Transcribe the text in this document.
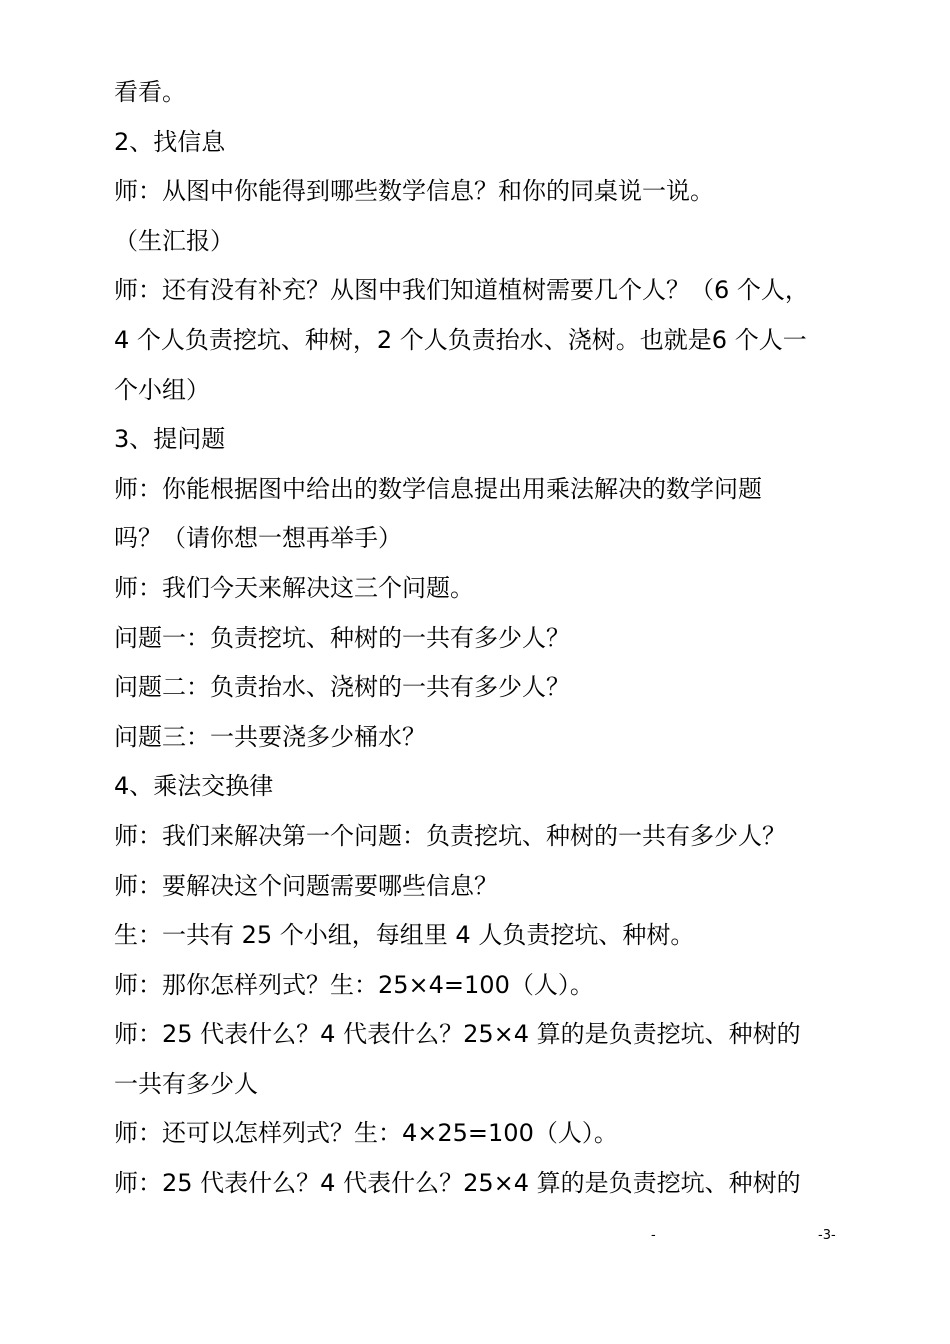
看看。
2、找信息
师：从图中你能得到哪些数学信息？和你的同桌说一说。
（生汇报）
师：还有没有补充？从图中我们知道植树需要几个人？（6 个人，
4 个人负责挖坑、种树，2 个人负责抬水、浇树。也就是6 个人一
个小组）
3、提问题
师：你能根据图中给出的数学信息提出用乘法解决的数学问题
吗？（请你想一想再举手）
师：我们今天来解决这三个问题。
问题一：负责挖坑、种树的一共有多少人？
问题二：负责抬水、浇树的一共有多少人？
问题三：一共要浇多少桶水？
4、乘法交换律
师：我们来解决第一个问题：负责挖坑、种树的一共有多少人？
师：要解决这个问题需要哪些信息？
生：一共有 25 个小组，每组里 4 人负责挖坑、种树。
师：那你怎样列式？生：25×4=100（人）。
师：25 代表什么？4 代表什么？25×4 算的是负责挖坑、种树的
一共有多少人
师：还可以怎样列式？生：4×25=100（人）。
师：25 代表什么？4 代表什么？25×4 算的是负责挖坑、种树的
-	-3-
